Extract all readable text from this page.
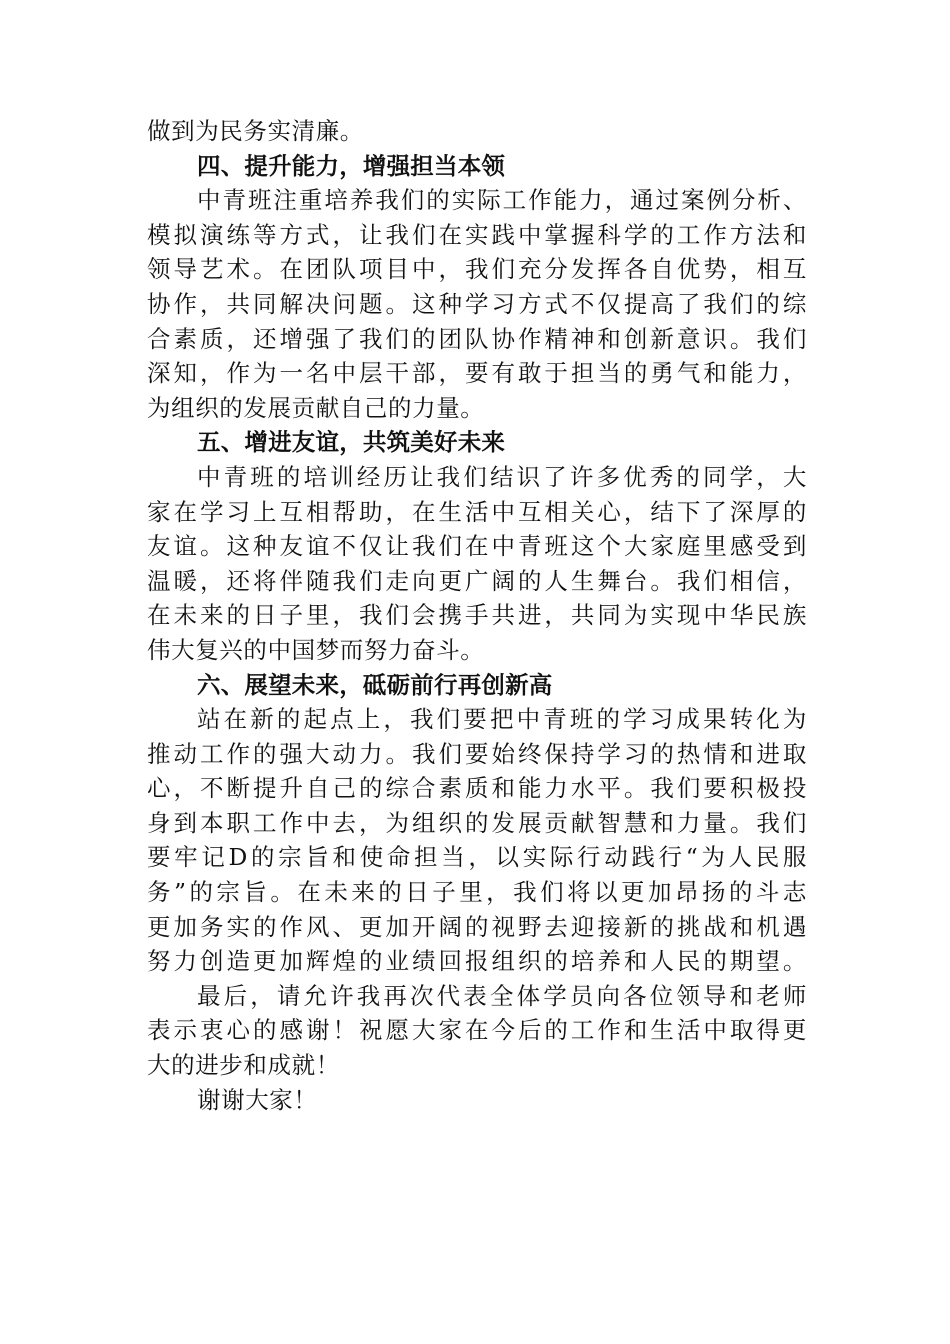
做到为民务实清廉。
四、提升能力，增强担当本领
中青班注重培养我们的实际工作能力，通过案例分析、
模拟演练等方式，让我们在实践中掌握科学的工作方法和
领导艺术。在团队项目中，我们充分发挥各自优势，相互
协作，共同解决问题。这种学习方式不仅提高了我们的综
合素质，还增强了我们的团队协作精神和创新意识。我们
深知，作为一名中层干部，要有敢于担当的勇气和能力，
为组织的发展贡献自己的力量。
五、增进友谊，共筑美好未来
中青班的培训经历让我们结识了许多优秀的同学，大
家在学习上互相帮助，在生活中互相关心，结下了深厚的
友谊。这种友谊不仅让我们在中青班这个大家庭里感受到
温暖，还将伴随我们走向更广阔的人生舞台。我们相信，
在未来的日子里，我们会携手共进，共同为实现中华民族
伟大复兴的中国梦而努力奋斗。
六、展望未来，砥砺前行再创新高
站在新的起点上，我们要把中青班的学习成果转化为
推动工作的强大动力。我们要始终保持学习的热情和进取
心，不断提升自己的综合素质和能力水平。我们要积极投
身到本职工作中去，为组织的发展贡献智慧和力量。我们
要牢记D的宗旨和使命担当，以实际行动践行“为人民服
务”的宗旨。在未来的日子里，我们将以更加昂扬的斗志
更加务实的作风、更加开阔的视野去迎接新的挑战和机遇
努力创造更加辉煌的业绩回报组织的培养和人民的期望。
最后，请允许我再次代表全体学员向各位领导和老师
表示衷心的感谢！祝愿大家在今后的工作和生活中取得更
大的进步和成就！
谢谢大家！
